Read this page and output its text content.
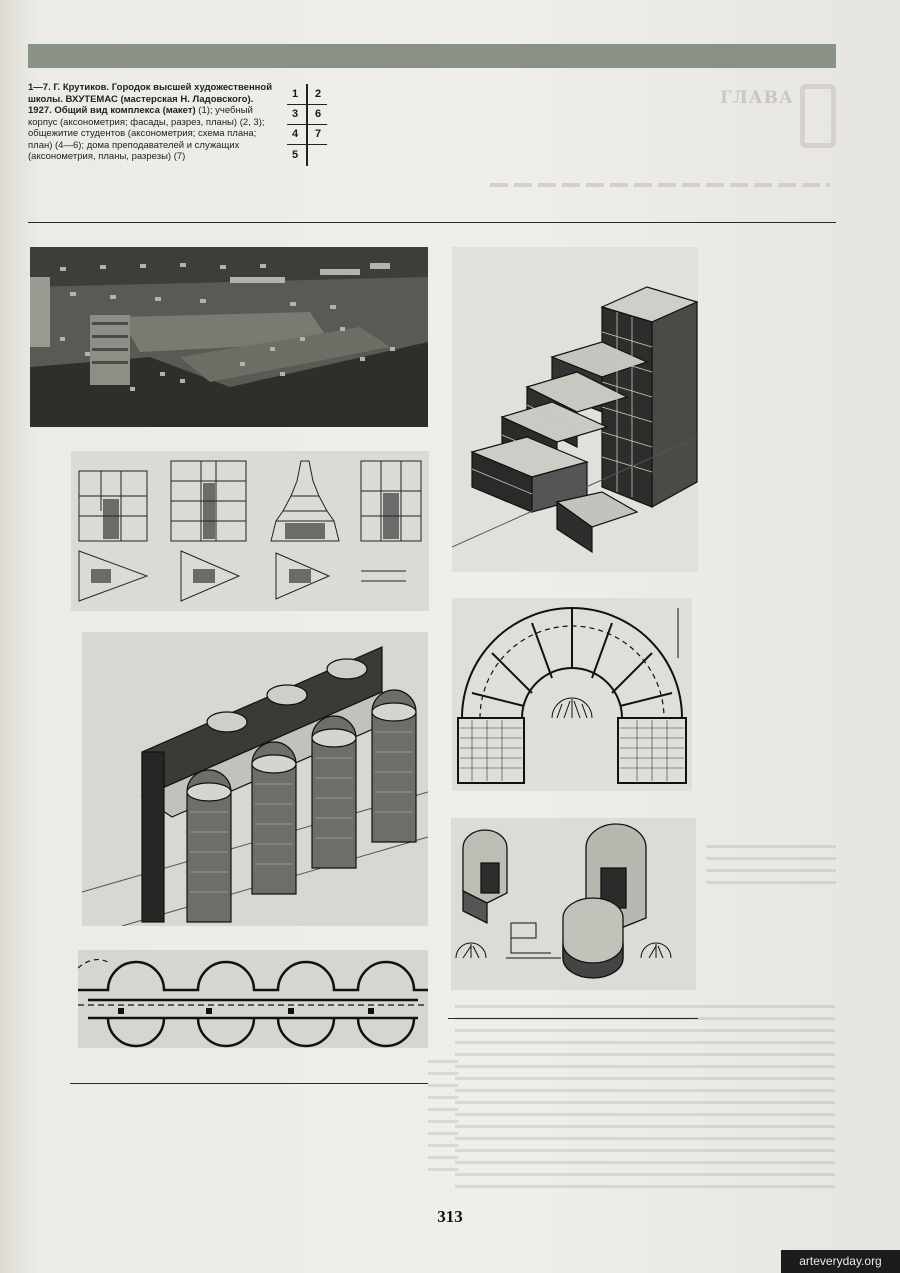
1—7. Г. Крутиков. Городок высшей художественной школы. ВХУТЕМАС (мастерская Н. Ладовского). 1927. Общий вид комплекса (макет) (1); учебный корпус (аксонометрия; фасады, разрез, планы) (2, 3); общежитие студентов (аксонометрия; схема плана; план) (4—6); дома преподавателей и служащих (аксонометрия, планы, разрезы) (7)
1	2
3	6
4	7
5
ГЛАВА
313
arteveryday.org
